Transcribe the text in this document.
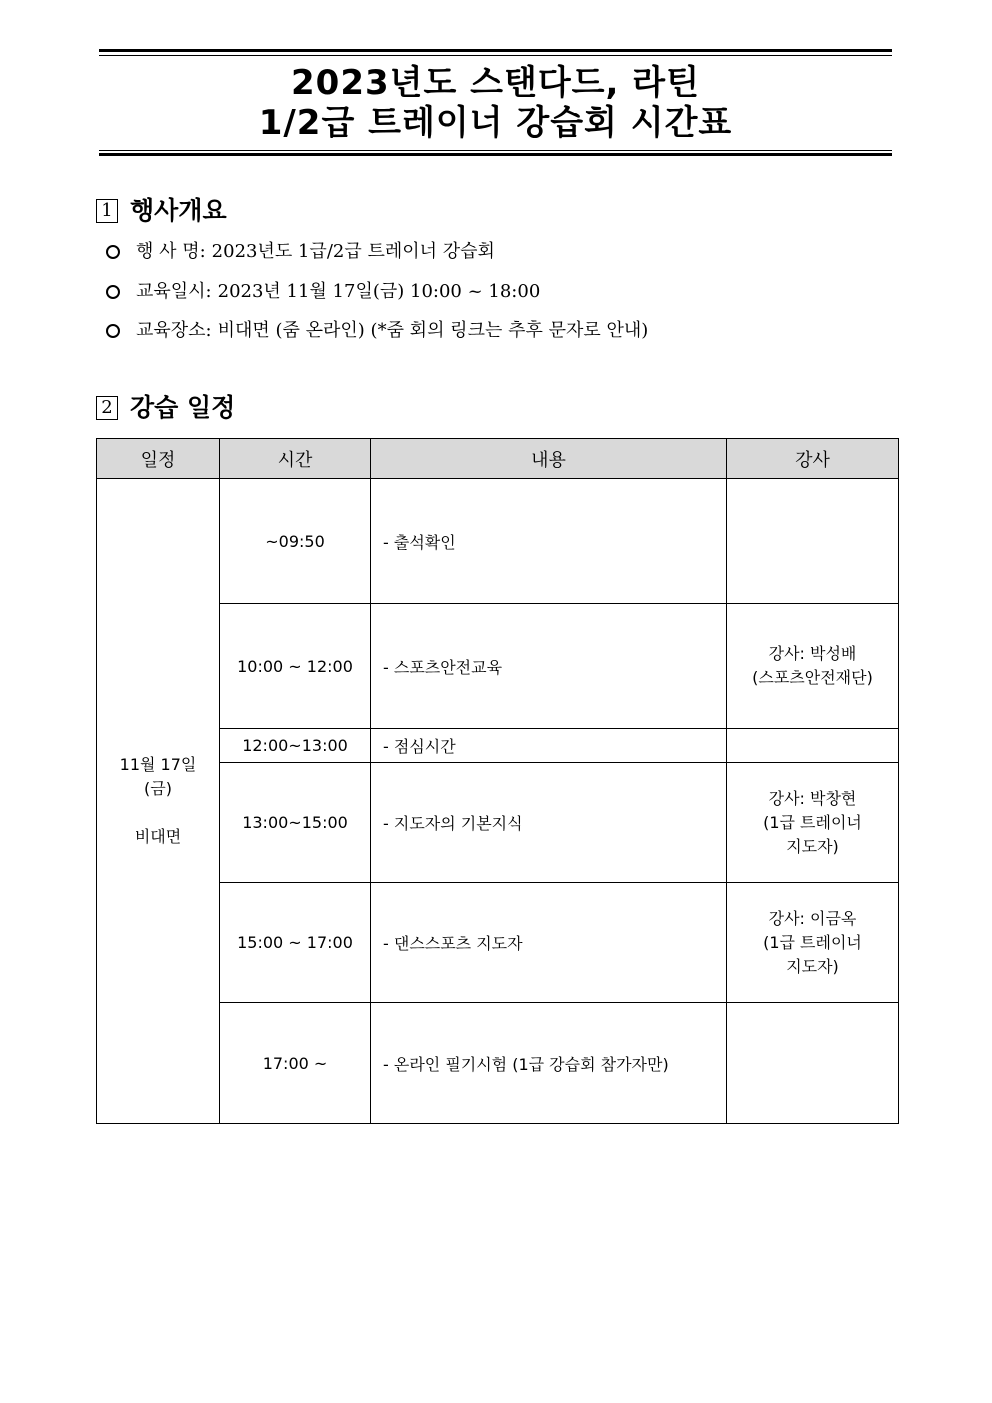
2023년도 스탠다드, 라틴
1/2급 트레이너 강습회 시간표
1 행사개요
행 사 명: 2023년도 1급/2급 트레이너 강습회
교육일시: 2023년 11월 17일(금) 10:00 ~ 18:00
교육장소: 비대면 (줌 온라인) (*줌 회의 링크는 추후 문자로 안내)
2 강습 일정
일정	시간	내용	강사

11월 17일
(금)
비대면	~09:50	- 출석확인	
	10:00 ~ 12:00	- 스포츠안전교육	강사: 박성배
(스포츠안전재단)

	12:00~13:00	- 점심시간	
	13:00~15:00	- 지도자의 기본지식	강사: 박창현
(1급 트레이너
지도자)

	15:00 ~ 17:00	- 댄스스포츠 지도자	강사: 이금옥
(1급 트레이너
지도자)

	17:00 ~	- 온라인 필기시험 (1급 강습회 참가자만)	
